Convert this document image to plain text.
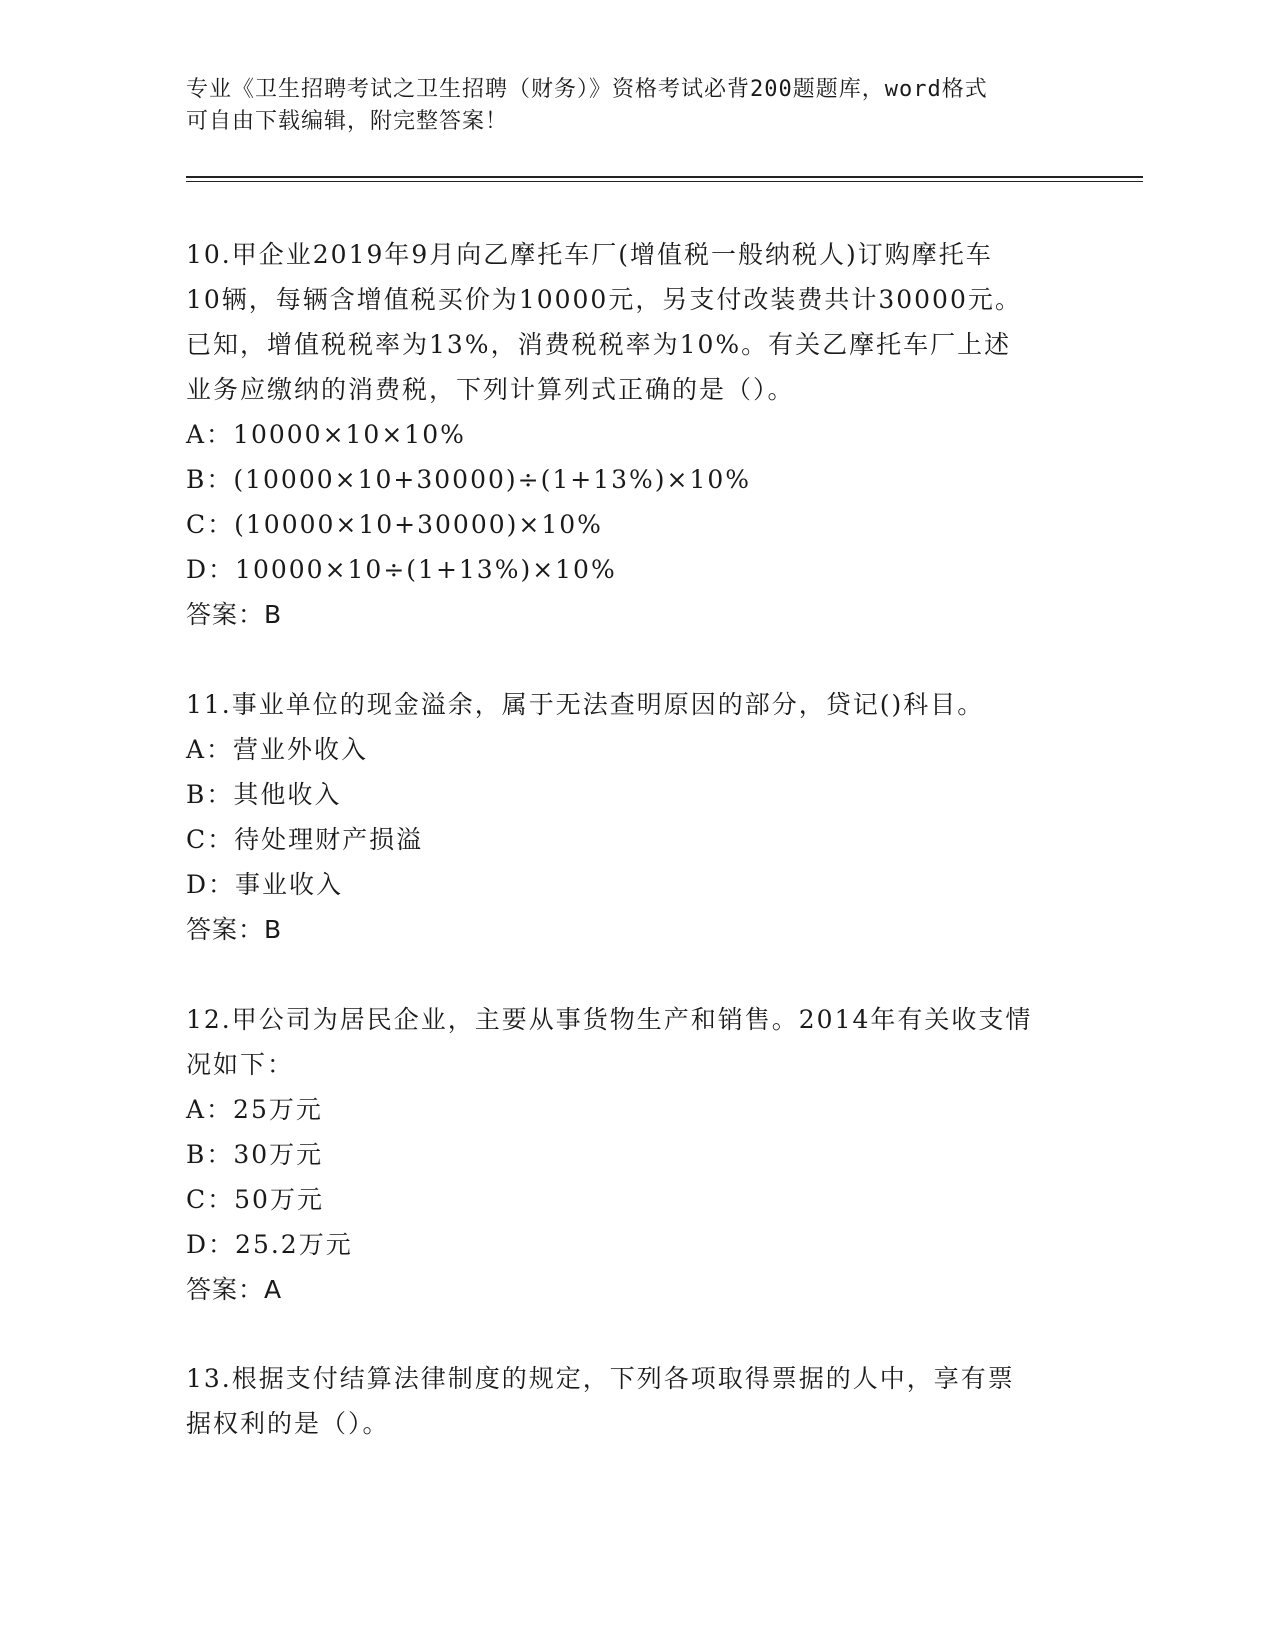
专业《卫生招聘考试之卫生招聘（财务）》资格考试必背200题题库，word格式
可自由下载编辑，附完整答案！
10.甲企业2019年9月向乙摩托车厂(增值税一般纳税人)订购摩托车
10辆，每辆含增值税买价为10000元，另支付改装费共计30000元。
已知，增值税税率为13%，消费税税率为10%。有关乙摩托车厂上述
业务应缴纳的消费税，下列计算列式正确的是（）。
A：10000×10×10%
B：(10000×10+30000)÷(1+13%)×10%
C：(10000×10+30000)×10%
D：10000×10÷(1+13%)×10%
答案：B
11.事业单位的现金溢余，属于无法查明原因的部分，贷记()科目。
A：营业外收入
B：其他收入
C：待处理财产损溢
D：事业收入
答案：B
12.甲公司为居民企业，主要从事货物生产和销售。2014年有关收支情
况如下：
A：25万元
B：30万元
C：50万元
D：25.2万元
答案：A
13.根据支付结算法律制度的规定，下列各项取得票据的人中，享有票
据权利的是（）。
